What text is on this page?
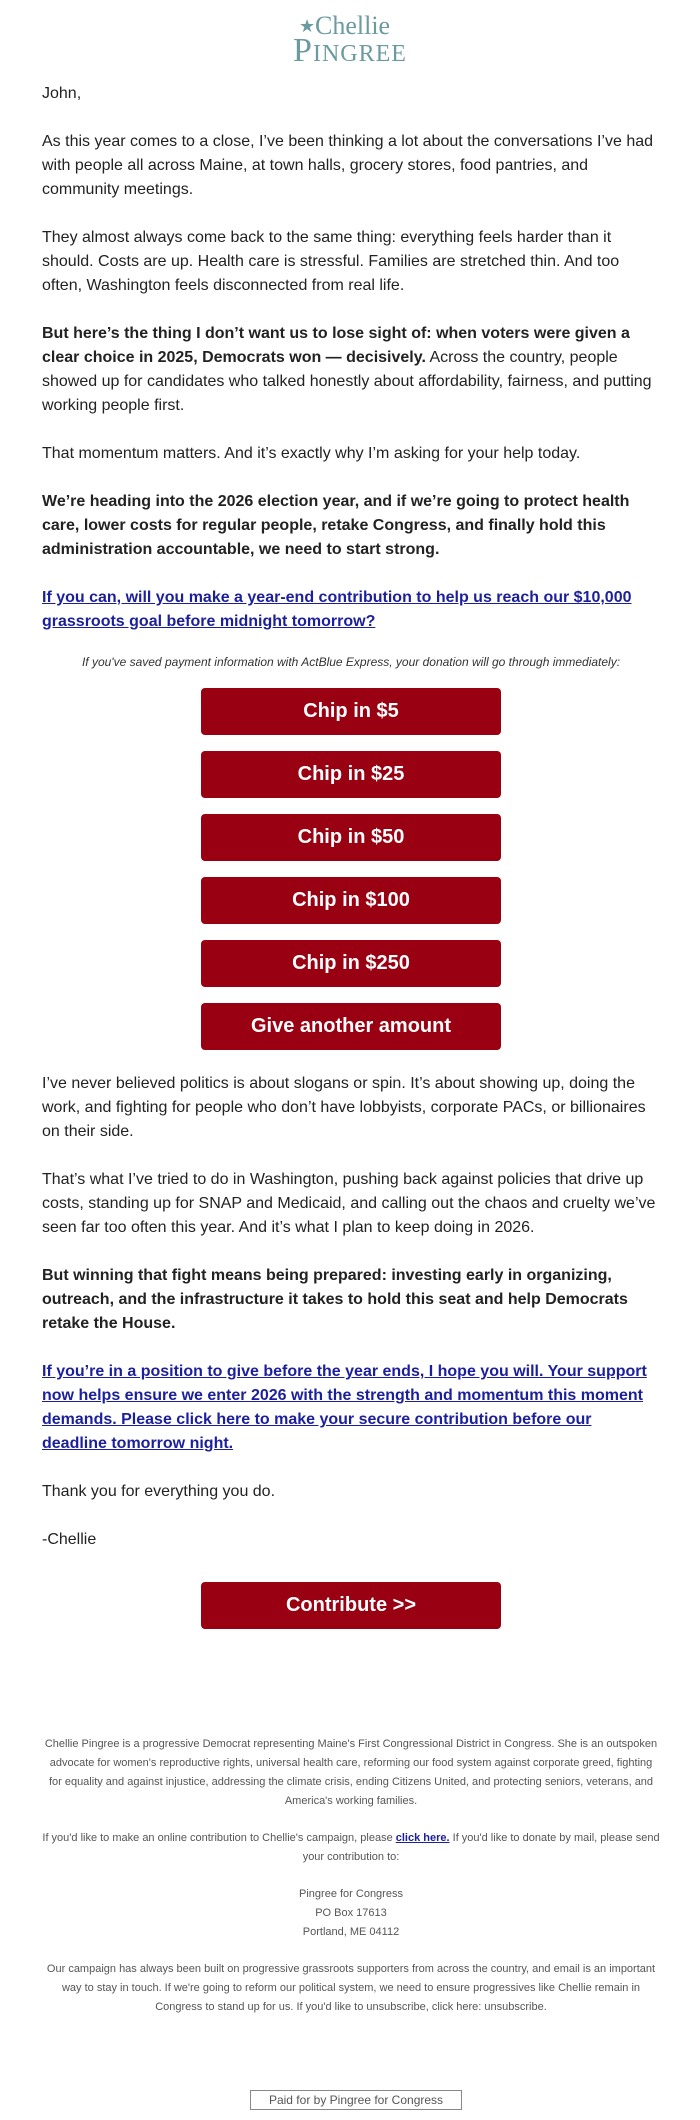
★ Chellie
Pingree

John,

As this year comes to a close, I’ve been thinking a lot about the conversations I’ve had with people all across Maine, at town halls, grocery stores, food pantries, and community meetings.

They almost always come back to the same thing: everything feels harder than it should. Costs are up. Health care is stressful. Families are stretched thin. And too often, Washington feels disconnected from real life.

But here’s the thing I don’t want us to lose sight of: when voters were given a clear choice in 2025, Democrats won — decisively. Across the country, people showed up for candidates who talked honestly about affordability, fairness, and putting working people first.

That momentum matters. And it’s exactly why I’m asking for your help today.

We’re heading into the 2026 election year, and if we’re going to protect health care, lower costs for regular people, retake Congress, and finally hold this administration accountable, we need to start strong.

If you can, will you make a year-end contribution to help us reach our $10,000 grassroots goal before midnight tomorrow?

If you've saved payment information with ActBlue Express, your donation will go through immediately:

Chip in $5
Chip in $25
Chip in $50
Chip in $100
Chip in $250
Give another amount

I’ve never believed politics is about slogans or spin. It’s about showing up, doing the work, and fighting for people who don’t have lobbyists, corporate PACs, or billionaires on their side.

That’s what I’ve tried to do in Washington, pushing back against policies that drive up costs, standing up for SNAP and Medicaid, and calling out the chaos and cruelty we’ve seen far too often this year. And it’s what I plan to keep doing in 2026.

But winning that fight means being prepared: investing early in organizing, outreach, and the infrastructure it takes to hold this seat and help Democrats retake the House.

If you’re in a position to give before the year ends, I hope you will. Your support now helps ensure we enter 2026 with the strength and momentum this moment demands. Please click here to make your secure contribution before our deadline tomorrow night.

Thank you for everything you do.

-Chellie

Contribute >>

Chellie Pingree is a progressive Democrat representing Maine's First Congressional District in Congress. She is an outspoken advocate for women's reproductive rights, universal health care, reforming our food system against corporate greed, fighting for equality and against injustice, addressing the climate crisis, ending Citizens United, and protecting seniors, veterans, and America's working families.

If you'd like to make an online contribution to Chellie's campaign, please click here. If you'd like to donate by mail, please send your contribution to:

Pingree for Congress
PO Box 17613
Portland, ME 04112

Our campaign has always been built on progressive grassroots supporters from across the country, and email is an important way to stay in touch. If we're going to reform our political system, we need to ensure progressives like Chellie remain in Congress to stand up for us. If you'd like to unsubscribe, click here: unsubscribe.

Paid for by Pingree for Congress
